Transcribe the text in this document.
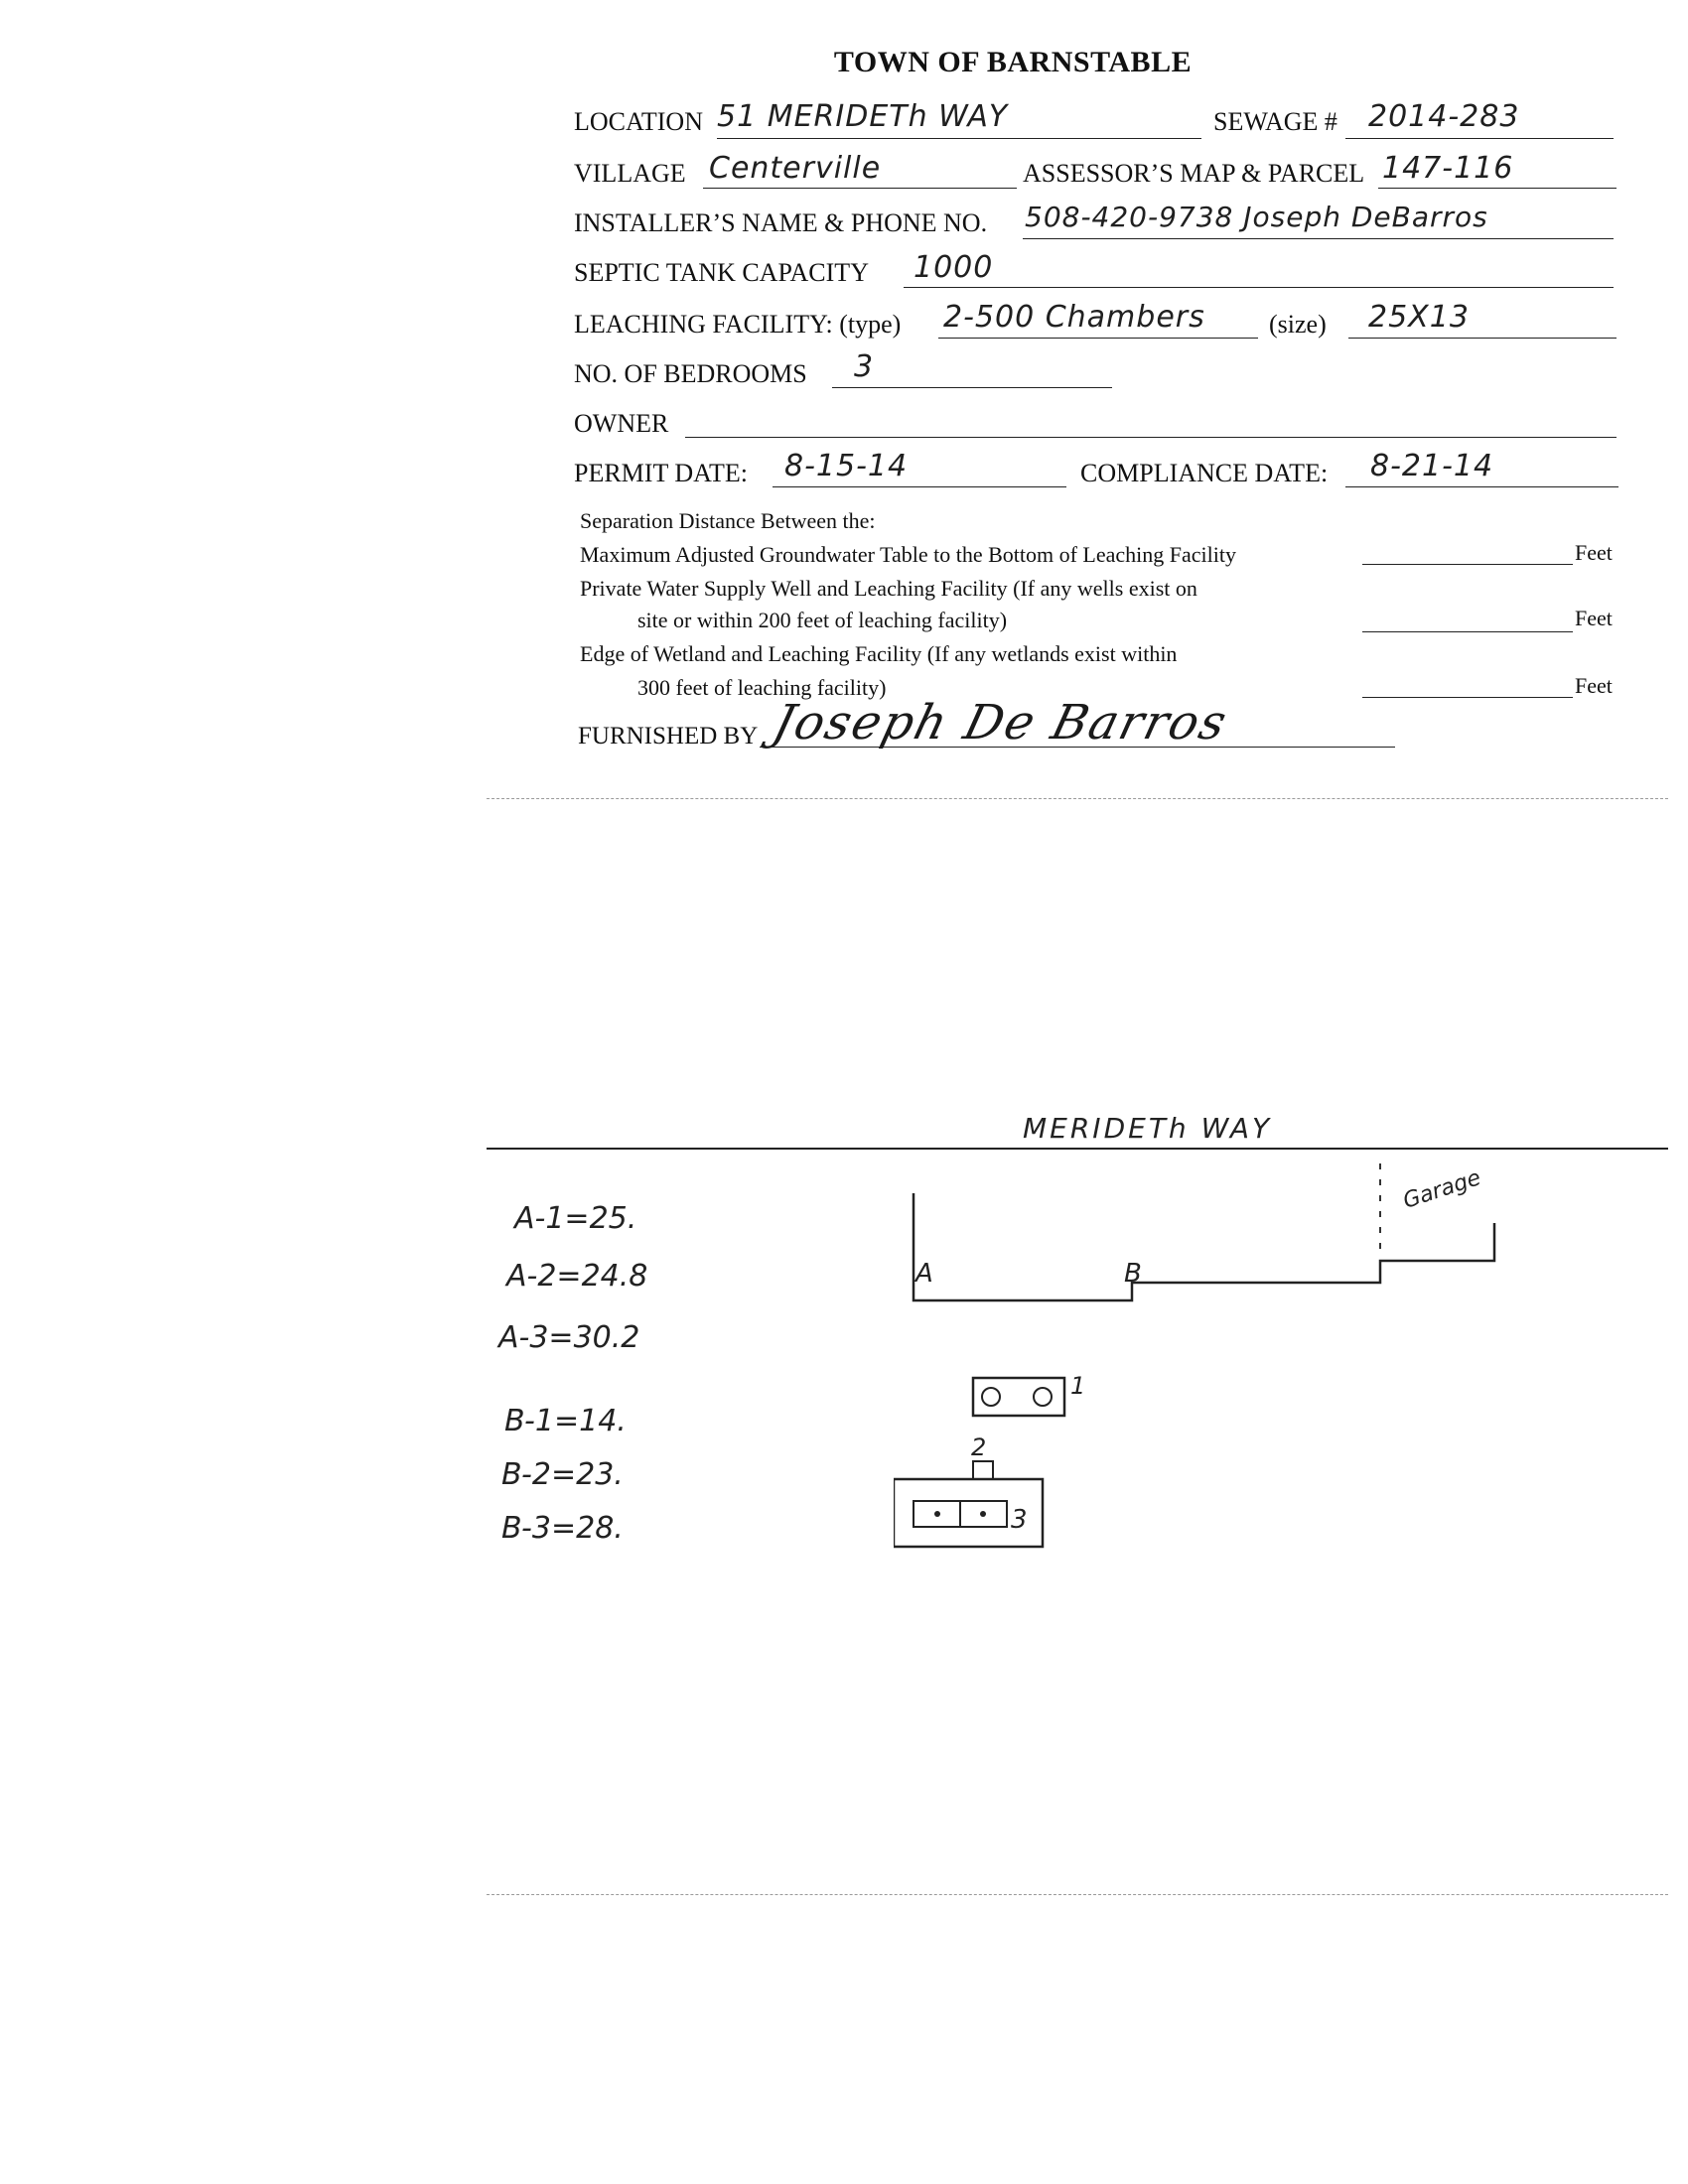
TOWN OF BARNSTABLE
LOCATION 51 MERIDETh WAY	SEWAGE # 2014-283
VILLAGE Centerville	ASSESSOR’S MAP & PARCEL 147-116
INSTALLER’S NAME & PHONE NO. 508-420-9738 Joseph DeBarros
SEPTIC TANK CAPACITY 1000
LEACHING FACILITY: (type) 2-500 Chambers (size) 25X13
NO. OF BEDROOMS 3
OWNER
PERMIT DATE: 8-15-14	COMPLIANCE DATE: 8-21-14
Separation Distance Between the:
Maximum Adjusted Groundwater Table to the Bottom of Leaching Facility	Feet
Private Water Supply Well and Leaching Facility (If any wells exist on
site or within 200 feet of leaching facility)	Feet
Edge of Wetland and Leaching Facility (If any wetlands exist within
300 feet of leaching facility)	Feet
FURNISHED BY Joseph De Barros
MERIDETh WAY
A-1=25.
A-2=24.8
A-3=30.2
B-1=14.
B-2=23.
B-3=28.
A	B
Garage
1
2
3
